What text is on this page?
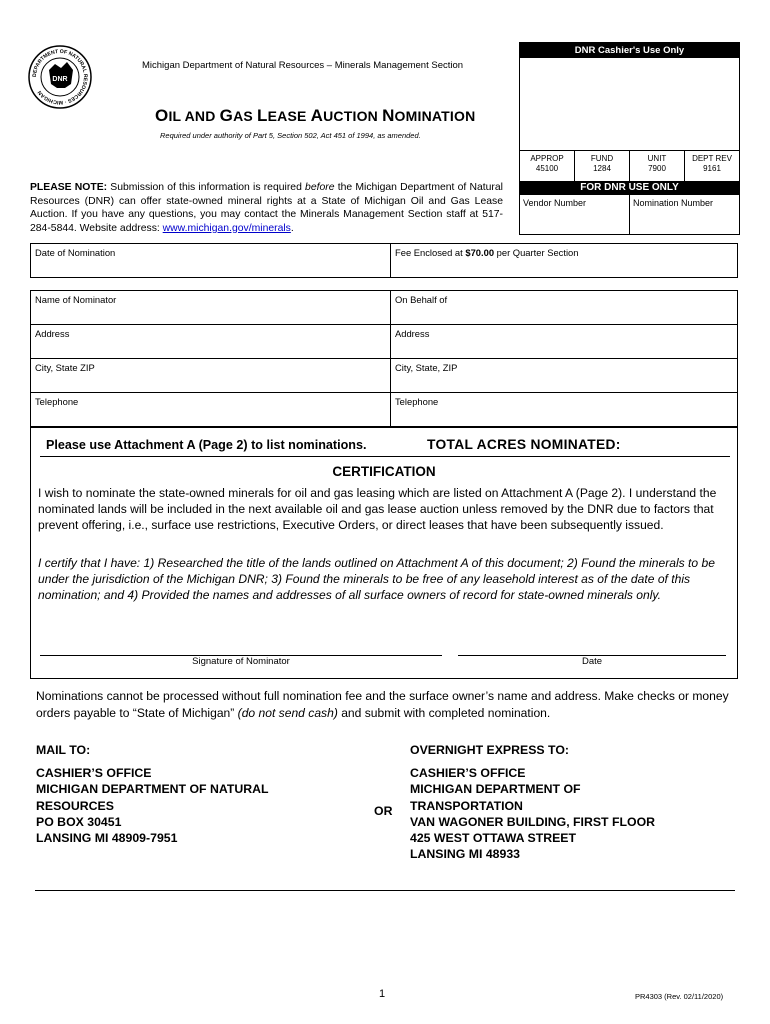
DEPARTMENT OF NATURAL RESOURCES · MICHIGAN
DNR
Michigan Department of Natural Resources – Minerals Management Section
OIL AND GAS LEASE AUCTION NOMINATION
Required under authority of Part 5, Section 502, Act 451 of 1994, as amended.
DNR Cashier's Use Only
APPROP
45100
FUND
1284
UNIT
7900
DEPT REV
9161
FOR DNR USE ONLY
Vendor Number	Nomination Number
PLEASE NOTE: Submission of this information is required before the Michigan Department of Natural Resources (DNR) can offer state-owned mineral rights at a State of Michigan Oil and Gas Lease Auction. If you have any questions, you may contact the Minerals Management Section staff at 517-284-5844. Website address: www.michigan.gov/minerals.
Date of Nomination	Fee Enclosed at $70.00 per Quarter Section
Name of Nominator	On Behalf of
Address	Address
City, State ZIP	City, State, ZIP
Telephone	Telephone
Please use Attachment A (Page 2) to list nominations.	TOTAL ACRES NOMINATED:
CERTIFICATION
I wish to nominate the state-owned minerals for oil and gas leasing which are listed on Attachment A (Page 2). I understand the nominated lands will be included in the next available oil and gas lease auction unless removed by the DNR due to factors that prevent offering, i.e., surface use restrictions, Executive Orders, or direct leases that have been subsequently issued.
I certify that I have: 1) Researched the title of the lands outlined on Attachment A of this document; 2) Found the minerals to be under the jurisdiction of the Michigan DNR; 3) Found the minerals to be free of any leasehold interest as of the date of this nomination; and 4) Provided the names and addresses of all surface owners of record for state-owned minerals only.
Signature of Nominator	Date
Nominations cannot be processed without full nomination fee and the surface owner’s name and address. Make checks or money orders payable to “State of Michigan” (do not send cash) and submit with completed nomination.
MAIL TO:
CASHIER’S OFFICE
MICHIGAN DEPARTMENT OF NATURAL
RESOURCES
PO BOX 30451
LANSING MI 48909-7951
OR
OVERNIGHT EXPRESS TO:
CASHIER’S OFFICE
MICHIGAN DEPARTMENT OF
TRANSPORTATION
VAN WAGONER BUILDING, FIRST FLOOR
425 WEST OTTAWA STREET
LANSING MI 48933
1	PR4303 (Rev. 02/11/2020)
